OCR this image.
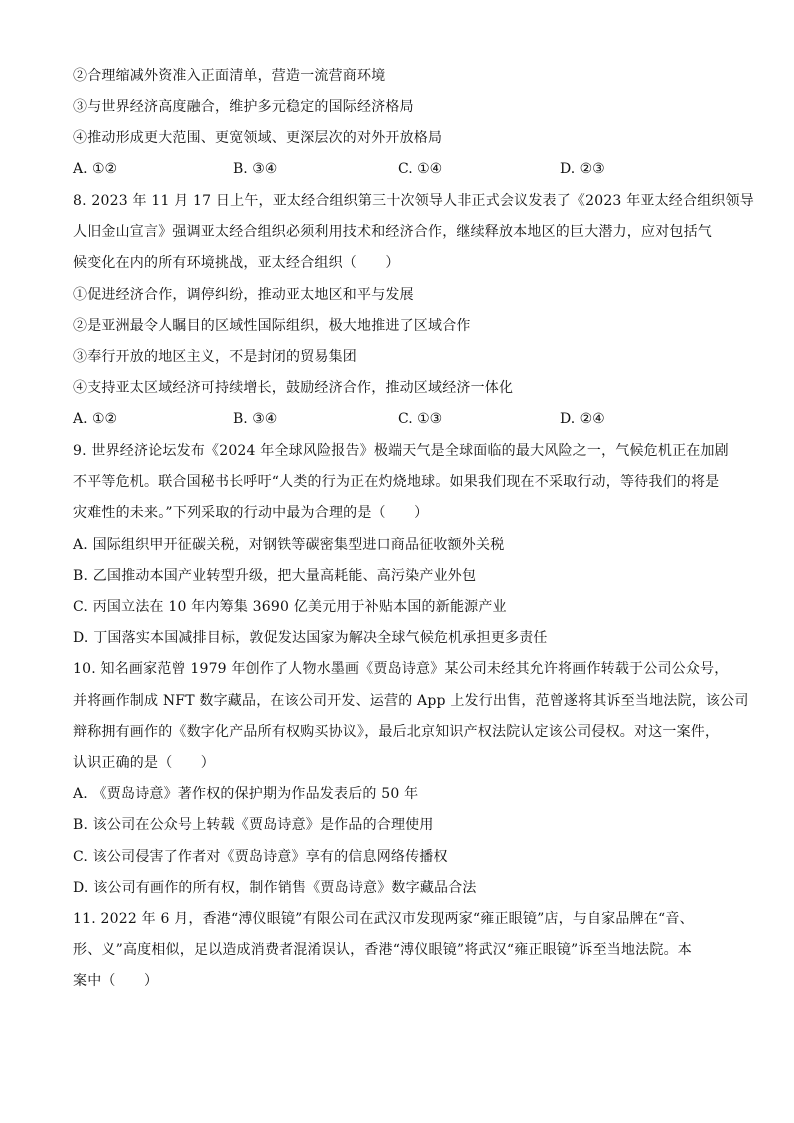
②合理缩减外资准入正面清单，营造一流营商环境
③与世界经济高度融合，维护多元稳定的国际经济格局
④推动形成更大范围、更宽领域、更深层次的对外开放格局
A. ①②	B. ③④	C. ①④	D. ②③
8. 2023 年 11 月 17 日上午，亚太经合组织第三十次领导人非正式会议发表了《2023 年亚太经合组织领导
人旧金山宣言》强调亚太经合组织必须利用技术和经济合作，继续释放本地区的巨大潜力，应对包括气
候变化在内的所有环境挑战，亚太经合组织（　　）
①促进经济合作，调停纠纷，推动亚太地区和平与发展
②是亚洲最令人瞩目的区域性国际组织，极大地推进了区域合作
③奉行开放的地区主义，不是封闭的贸易集团
④支持亚太区域经济可持续增长，鼓励经济合作，推动区域经济一体化
A. ①②	B. ③④	C. ①③	D. ②④
9. 世界经济论坛发布《2024 年全球风险报告》极端天气是全球面临的最大风险之一，气候危机正在加剧
不平等危机。联合国秘书长呼吁“人类的行为正在灼烧地球。如果我们现在不采取行动，等待我们的将是
灾难性的未来。”下列采取的行动中最为合理的是（　　）
A. 国际组织甲开征碳关税，对钢铁等碳密集型进口商品征收额外关税
B. 乙国推动本国产业转型升级，把大量高耗能、高污染产业外包
C. 丙国立法在 10 年内筹集 3690 亿美元用于补贴本国的新能源产业
D. 丁国落实本国减排目标，敦促发达国家为解决全球气候危机承担更多责任
10. 知名画家范曾 1979 年创作了人物水墨画《贾岛诗意》某公司未经其允许将画作转载于公司公众号，
并将画作制成 NFT 数字藏品，在该公司开发、运营的 App 上发行出售，范曾遂将其诉至当地法院，该公司
辩称拥有画作的《数字化产品所有权购买协议》，最后北京知识产权法院认定该公司侵权。对这一案件，
认识正确的是（　　）
A. 《贾岛诗意》著作权的保护期为作品发表后的 50 年
B. 该公司在公众号上转载《贾岛诗意》是作品的合理使用
C. 该公司侵害了作者对《贾岛诗意》享有的信息网络传播权
D. 该公司有画作的所有权，制作销售《贾岛诗意》数字藏品合法
11. 2022 年 6 月，香港“溥仪眼镜”有限公司在武汉市发现两家“雍正眼镜”店，与自家品牌在“音、
形、义”高度相似，足以造成消费者混淆误认，香港“溥仪眼镜”将武汉“雍正眼镜”诉至当地法院。本
案中（　　）
